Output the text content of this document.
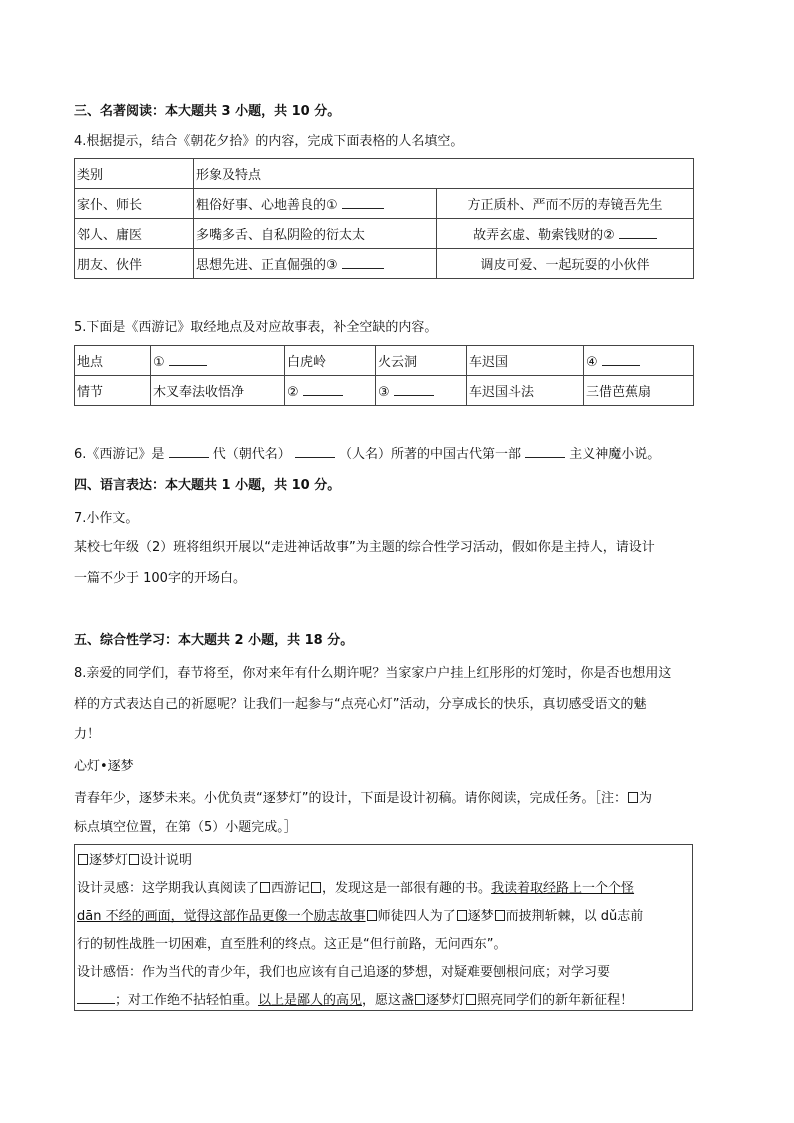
三、名著阅读：本大题共 3 小题，共 10 分。
4.根据提示，结合《朝花夕拾》的内容，完成下面表格的人名填空。
类别	形象及特点	
家仆、师长	粗俗好事、心地善良的①	方正质朴、严而不厉的寿镜吾先生
邻人、庸医	多嘴多舌、自私阴险的衍太太	故弄玄虚、勒索钱财的②
朋友、伙伴	思想先进、正直倔强的③	调皮可爱、一起玩耍的小伙伴
5.下面是《西游记》取经地点及对应故事表，补全空缺的内容。
地点	①	白虎岭	火云洞	车迟国	④
情节	木叉奉法收悟净	②	③	车迟国斗法	三借芭蕉扇
6.《西游记》是	代（朝代名）	（人名）所著的中国古代第一部	主义神魔小说。
四、语言表达：本大题共 1 小题，共 10 分。
7.小作文。
某校七年级（2）班将组织开展以“走进神话故事”为主题的综合性学习活动，假如你是主持人，请设计
一篇不少于 100字的开场白。
五、综合性学习：本大题共 2 小题，共 18 分。
8.亲爱的同学们，春节将至，你对来年有什么期许呢？当家家户户挂上红彤彤的灯笼时，你是否也想用这
样的方式表达自己的祈愿呢？让我们一起参与“点亮心灯”活动，分享成长的快乐，真切感受语文的魅
力！
心灯•逐梦
青春年少，逐梦未来。小优负责“逐梦灯”的设计，下面是设计初稿。请你阅读，完成任务。［注： 为
标点填空位置，在第（5）小题完成。］
逐梦灯 设计说明
设计灵感：这学期我认真阅读了 西游记 ，发现这是一部很有趣的书。我读着取经路上一个个怪
dān 不经的画面，觉得这部作品更像一个励志故事 师徒四人为了 逐梦 而披荆斩棘，以 dǔ志前
行的韧性战胜一切困难，直至胜利的终点。这正是“但行前路，无问西东”。
设计感悟：作为当代的青少年，我们也应该有自己追逐的梦想，对疑难要刨根问底；对学习要
；对工作绝不拈轻怕重。以上是鄙人的高见，愿这盏 逐梦灯 照亮同学们的新年新征程！
